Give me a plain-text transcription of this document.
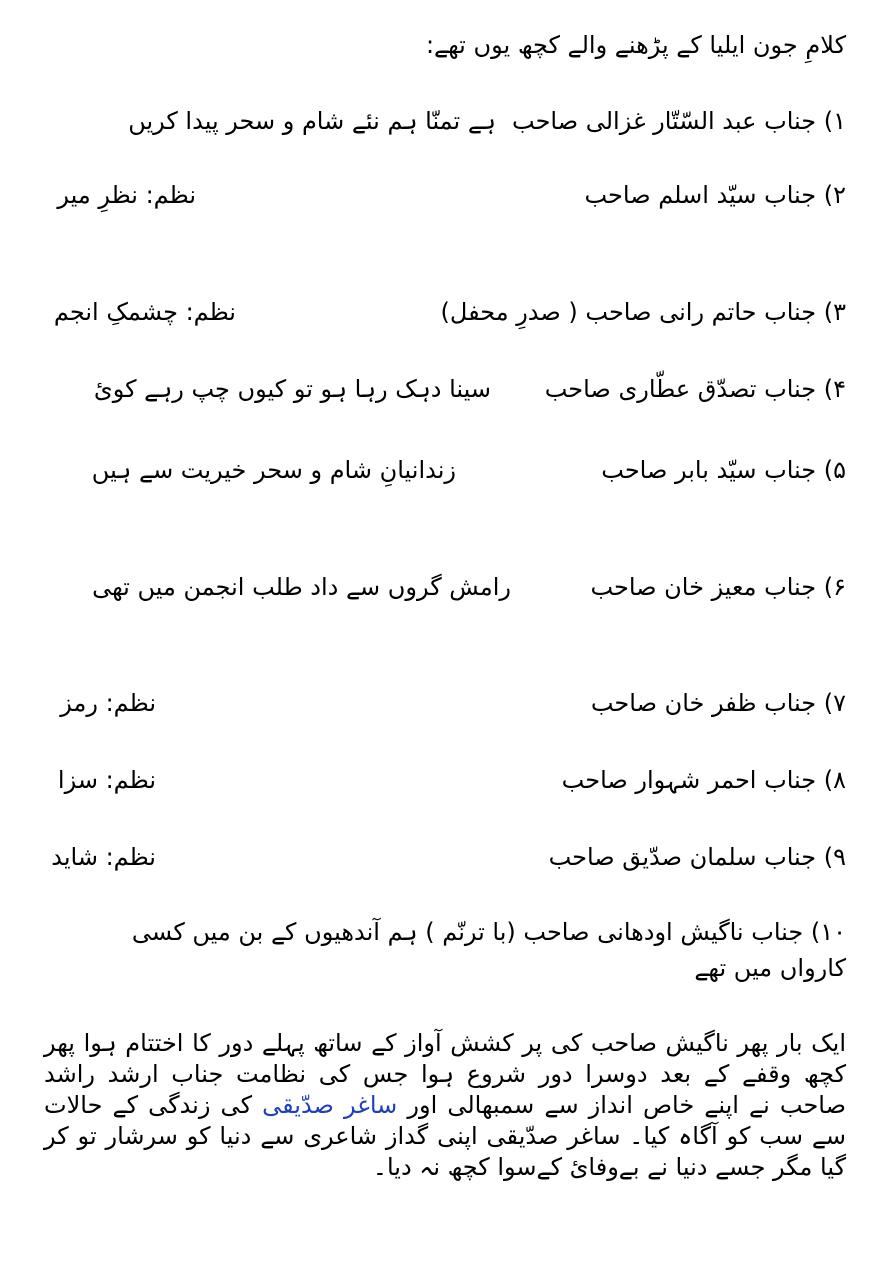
کلامِ جون ایلیا کے پڑھنے والے کچھ یوں تھے:
۱) جناب عبد السّتّار غزالی صاحب
ہے تمنّا ہم نئے شام و سحر پیدا کریں
۲) جناب سیّد اسلم صاحب
نظم: نظرِ میر
۳) جناب حاتم رانی صاحب ( صدرِ محفل)
نظم: چشمکِ انجم
۴) جناب تصدّق عطّاری صاحب
سینا دہک رہا ہو تو کیوں چپ رہے کوئ
۵) جناب سیّد بابر صاحب
زندانیانِ شام و سحر خیریت سے ہیں
۶) جناب معیز خان صاحب
رامش گروں سے داد طلب انجمن میں تھی
۷) جناب ظفر خان صاحب
نظم: رمز
۸) جناب احمر شہوار صاحب
نظم: سزا
۹) جناب سلمان صدّیق صاحب
نظم: شاید
۱۰) جناب ناگیش اودھانی صاحب (با ترنّم ) ہم آندھیوں کے بن میں کسی
کارواں میں تھے
ایک بار پھر ناگیش صاحب کی پر کشش آواز کے ساتھ پہلے دور کا اختتام ہوا پھر کچھ وقفے کے بعد دوسرا دور شروع ہوا جس کی نظامت جناب ارشد راشد صاحب نے اپنے خاص انداز سے سمبھالی اور ساغر صدّیقی کی زندگی کے حالات سے سب کو آگاہ کیا۔ ساغر صدّیقی اپنی گداز شاعری سے دنیا کو سرشار تو کر گیا مگر جسے دنیا نے بےوفائ کےسوا کچھ نہ دیا۔
